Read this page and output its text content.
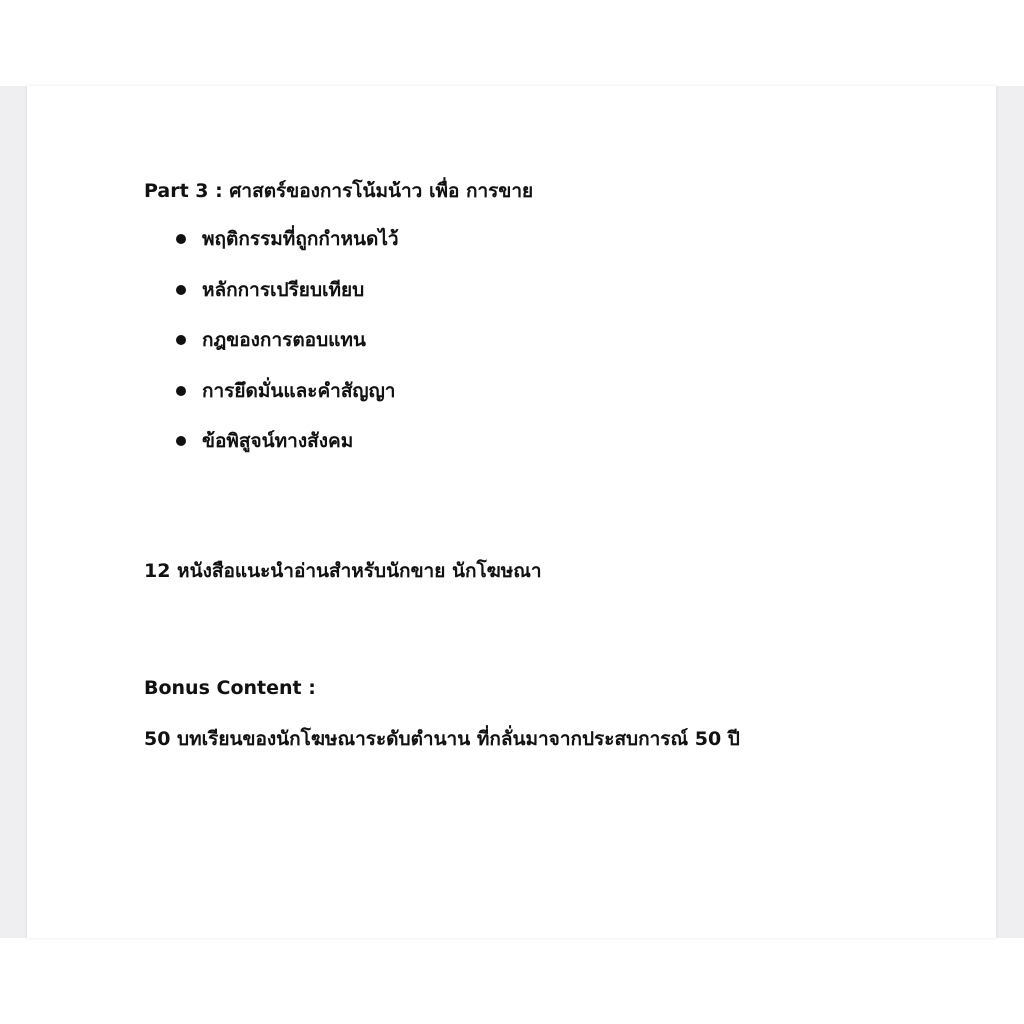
Part 3 : ศาสตร์ของการโน้มน้าว เพื่อ การขาย
พฤติกรรมที่ถูกกำหนดไว้
หลักการเปรียบเทียบ
กฎของการตอบแทน
การยึดมั่นและคำสัญญา
ข้อพิสูจน์ทางสังคม
12 หนังสือแนะนำอ่านสำหรับนักขาย นักโฆษณา
Bonus Content :
50 บทเรียนของนักโฆษณาระดับตำนาน ที่กลั่นมาจากประสบการณ์ 50 ปี
